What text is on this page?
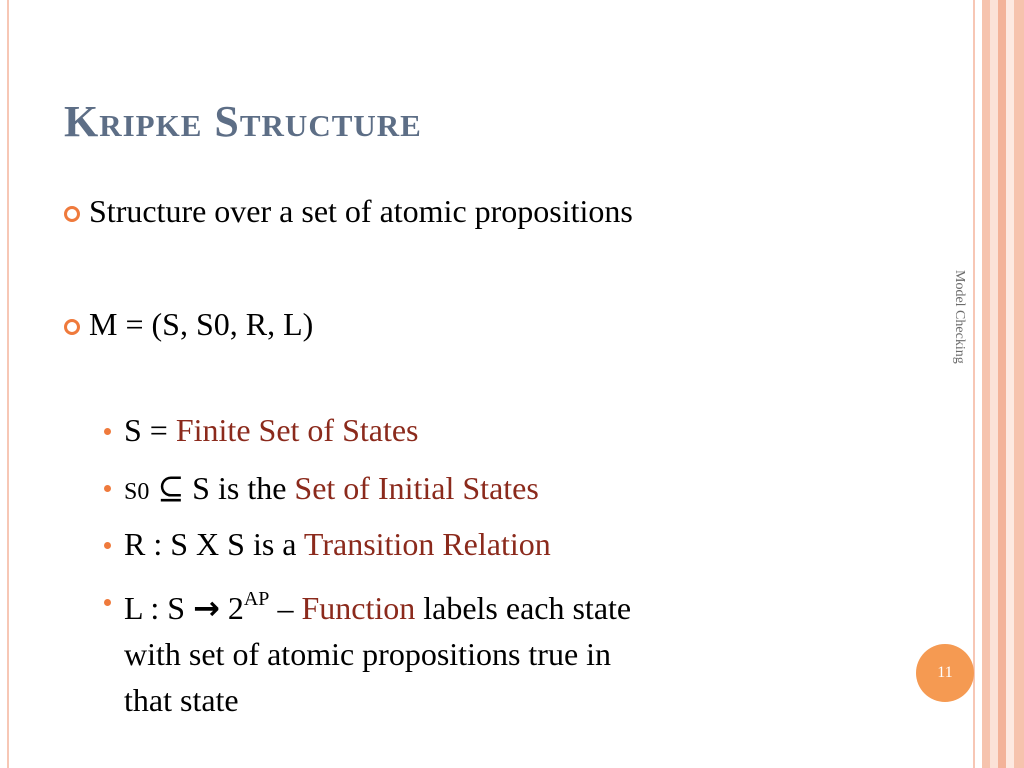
Kripke Structure
Structure over a set of atomic propositions
M = (S, S0, R, L)
S = Finite Set of States
S0 ⊆ S is the Set of Initial States
R : S X S is a Transition Relation
L : $S \to 2^{AP}$ – Function labels each state
with set of atomic propositions true in
that state
Model Checking
11
